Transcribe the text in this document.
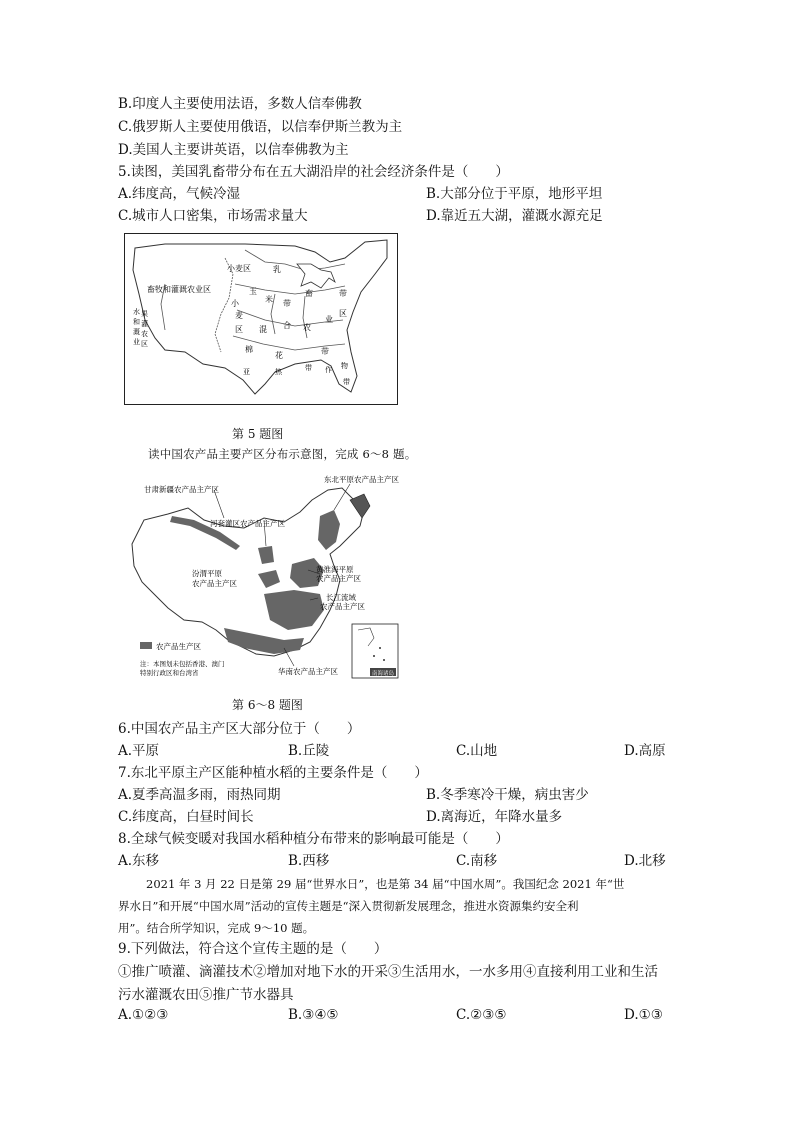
B.印度人主要使用法语，多数人信奉佛教
C.俄罗斯人主要使用俄语，以信奉伊斯兰教为主
D.美国人主要讲英语，以信奉佛教为主
5.读图，美国乳畜带分布在五大湖沿岸的社会经济条件是（　　）
A.纬度高，气候冷湿	B.大部分位于平原，地形平坦
C.城市人口密集，市场需求量大	D.靠近五大湖，灌溉水源充足
小麦区
畜牧和灌溉农业区
水 果
和 灌
溉 农
业 区
乳
畜	带
玉
米 带
小
麦
区 混 合 农
业
区
棉
花	带
亚	热	带 作 物
带
第 5 题图
读中国农产品主要产区分布示意图，完成 6～8 题。
东北平原农产品主产区
甘肃新疆农产品主产区
河套灌区农产品主产区
黄淮海平原
农产品主产区
汾渭平原
农产品主产区
长江流域
农产品主产区
华南农产品主产区
农产品生产区
注：本图划未包括香港、澳门
特别行政区和台湾省	南海诸岛
第 6～8 题图
6.中国农产品主产区大部分位于（　　）
A.平原	B.丘陵	C.山地	D.高原
7.东北平原主产区能种植水稻的主要条件是（　　）
A.夏季高温多雨，雨热同期	B.冬季寒冷干燥，病虫害少
C.纬度高，白昼时间长	D.离海近，年降水量多
8.全球气候变暖对我国水稻种植分布带来的影响最可能是（　　）
A.东移	B.西移	C.南移	D.北移
2021 年 3 月 22 日是第 29 届“世界水日”，也是第 34 届“中国水周”。我国纪念 2021 年“世
界水日”和开展“中国水周”活动的宣传主题是“深入贯彻新发展理念，推进水资源集约安全利
用”。结合所学知识，完成 9～10 题。
9.下列做法，符合这个宣传主题的是（　　）
①推广喷灌、滴灌技术②增加对地下水的开采③生活用水，一水多用④直接利用工业和生活
污水灌溉农田⑤推广节水器具
A.①②③	B.③④⑤	C.②③⑤	D.①③
